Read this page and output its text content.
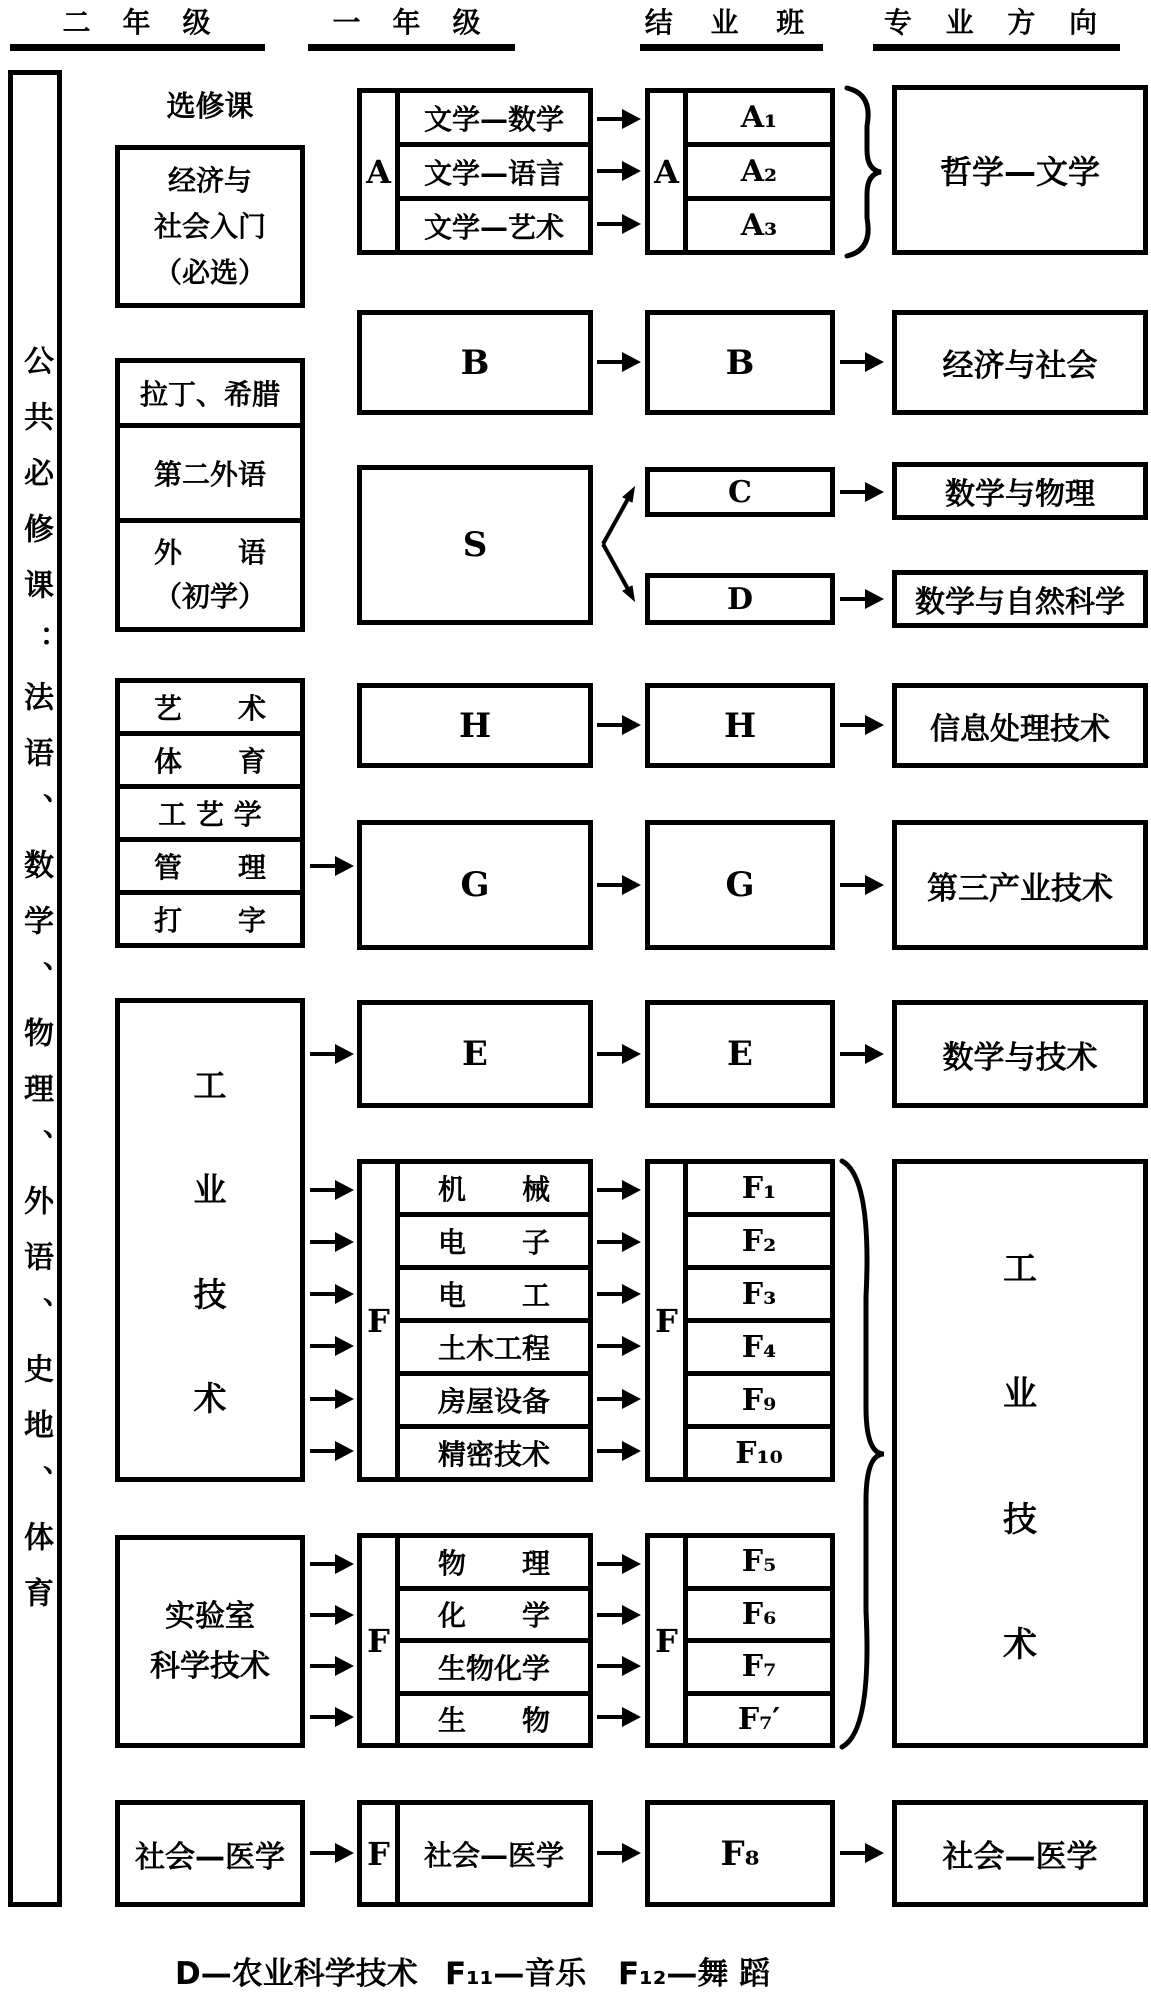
二　年　级	一　年　级	结 业 班	专 业 方 向
公共必修课：法语、数学、物理、外语、史地、体育
选修课
经济与
社会入门
（必选）
拉丁、希腊
第二外语
外　　语
（初学）
艺　　术
体　　育
工 艺 学
管　　理
打　　字
工
业
技
术
实验室
科学技术
社会—医学
A
文学—数学
文学—语言
文学—艺术
B
S
H
G
E
F
机　　械
电　　子
电　　工
土木工程
房屋设备
精密技术
F
物　　理
化　　学
生物化学
生　　物
F	社会—医学
A
A₁
A₂
A₃
B
C
D
H
G
E
F
F₁
F₂
F₃
F₄
F₉
F₁₀
F
F₅
F₆
F₇
F₇′
F₈
哲学—文学
经济与社会
数学与物理
数学与自然科学
信息处理技术
第三产业技术
数学与技术
工
业
技
术
社会—医学
D—农业科学技术 F₁₁—音乐 F₁₂—舞 蹈
